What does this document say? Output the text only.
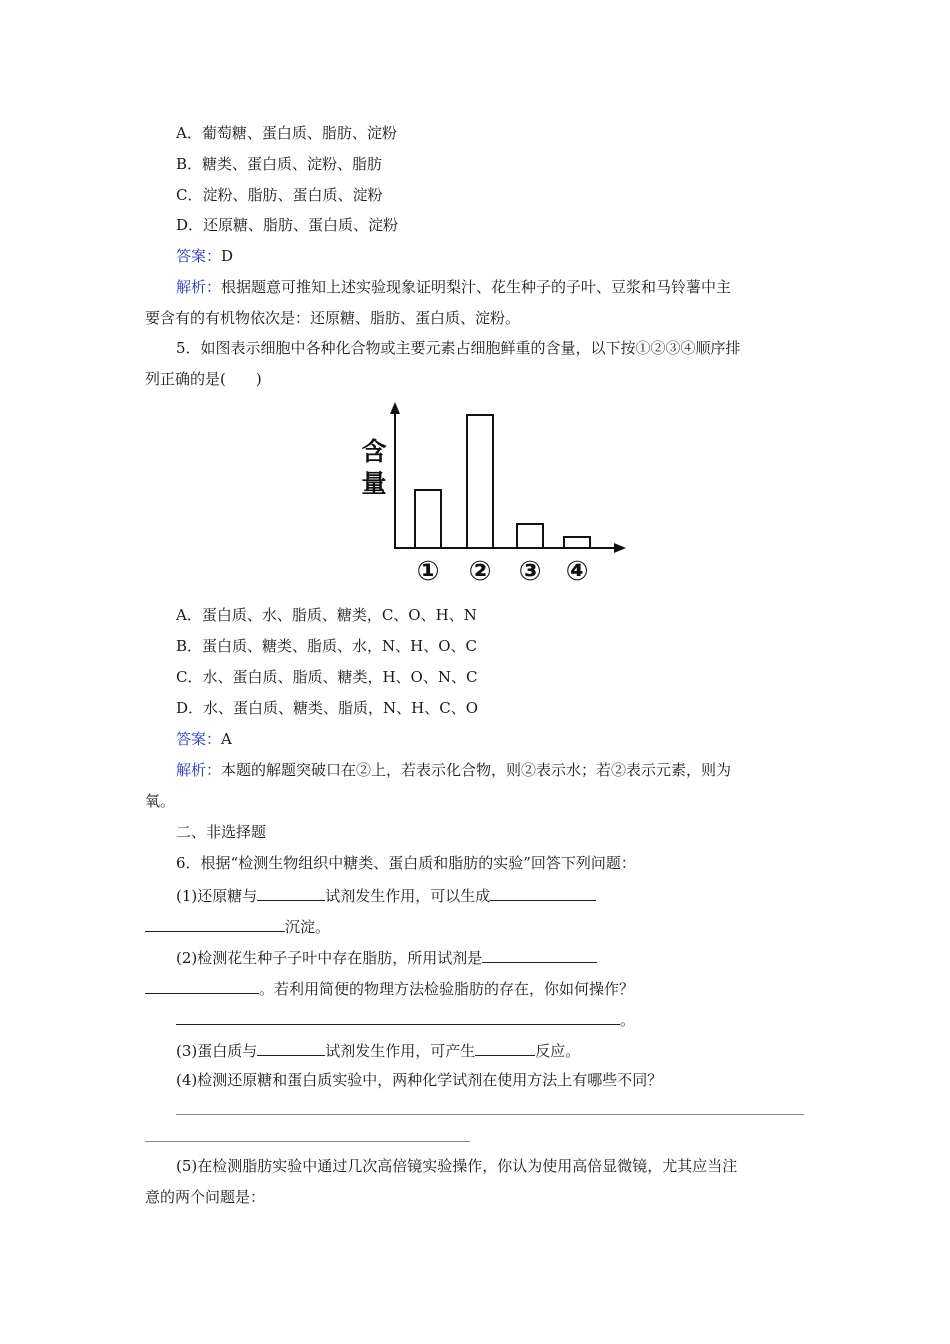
A．葡萄糖、蛋白质、脂肪、淀粉

B．糖类、蛋白质、淀粉、脂肪

C．淀粉、脂肪、蛋白质、淀粉

D．还原糖、脂肪、蛋白质、淀粉

答案：D

解析：根据题意可推知上述实验现象证明梨汁、花生种子的子叶、豆浆和马铃薯中主

要含有的有机物依次是：还原糖、脂肪、蛋白质、淀粉。

5．如图表示细胞中各种化合物或主要元素占细胞鲜重的含量，以下按①②③④顺序排

列正确的是(　　)

含
量
① ② ③ ④

A．蛋白质、水、脂质、糖类，C、O、H、N

B．蛋白质、糖类、脂质、水，N、H、O、C

C．水、蛋白质、脂质、糖类，H、O、N、C

D．水、蛋白质、糖类、脂质，N、H、C、O

答案：A

解析：本题的解题突破口在②上，若表示化合物，则②表示水；若②表示元素，则为

氧。

二、非选择题

6．根据“检测生物组织中糖类、蛋白质和脂肪的实验”回答下列问题：

(1)还原糖与	试剂发生作用，可以生成

沉淀。

(2)检测花生种子子叶中存在脂肪，所用试剂是

。若利用简便的物理方法检验脂肪的存在，你如何操作？

。

(3)蛋白质与	试剂发生作用，可产生	反应。

(4)检测还原糖和蛋白质实验中，两种化学试剂在使用方法上有哪些不同？

(5)在检测脂肪实验中通过几次高倍镜实验操作，你认为使用高倍显微镜，尤其应当注

意的两个问题是：
